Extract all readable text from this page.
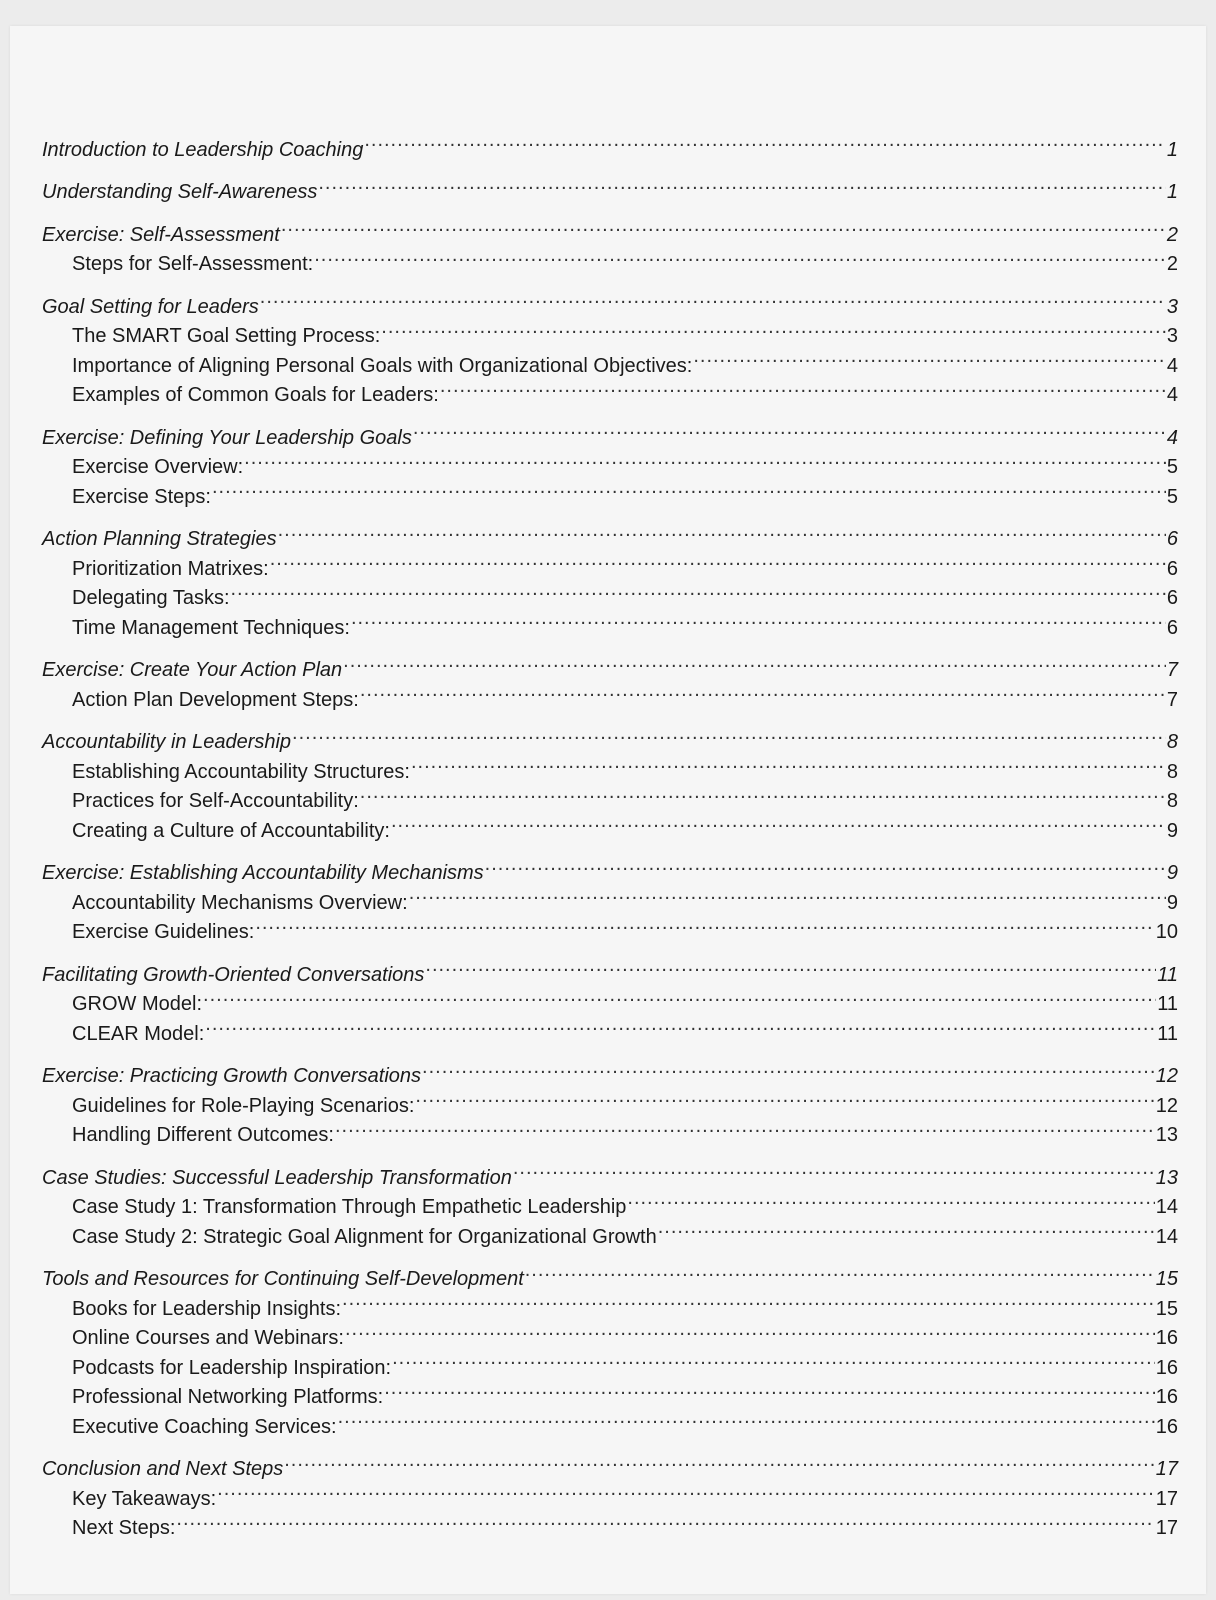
Introduction to Leadership Coaching .....	1
Understanding Self-Awareness .....	1
Exercise: Self-Assessment .....	2
Steps for Self-Assessment: .....	2
Goal Setting for Leaders .....	3
The SMART Goal Setting Process: .....	3
Importance of Aligning Personal Goals with Organizational Objectives: .....	4
Examples of Common Goals for Leaders: .....	4
Exercise: Defining Your Leadership Goals .....	4
Exercise Overview: .....	5
Exercise Steps: .....	5
Action Planning Strategies .....	6
Prioritization Matrixes: .....	6
Delegating Tasks: .....	6
Time Management Techniques: .....	6
Exercise: Create Your Action Plan .....	7
Action Plan Development Steps: .....	7
Accountability in Leadership .....	8
Establishing Accountability Structures: .....	8
Practices for Self-Accountability: .....	8
Creating a Culture of Accountability: .....	9
Exercise: Establishing Accountability Mechanisms .....	9
Accountability Mechanisms Overview: .....	9
Exercise Guidelines: .....	10
Facilitating Growth-Oriented Conversations .....	11
GROW Model: .....	11
CLEAR Model: .....	11
Exercise: Practicing Growth Conversations .....	12
Guidelines for Role-Playing Scenarios: .....	12
Handling Different Outcomes: .....	13
Case Studies: Successful Leadership Transformation .....	13
Case Study 1: Transformation Through Empathetic Leadership .....	14
Case Study 2: Strategic Goal Alignment for Organizational Growth .....	14
Tools and Resources for Continuing Self-Development .....	15
Books for Leadership Insights: .....	15
Online Courses and Webinars: .....	16
Podcasts for Leadership Inspiration: .....	16
Professional Networking Platforms: .....	16
Executive Coaching Services: .....	16
Conclusion and Next Steps .....	17
Key Takeaways: .....	17
Next Steps: .....	17
